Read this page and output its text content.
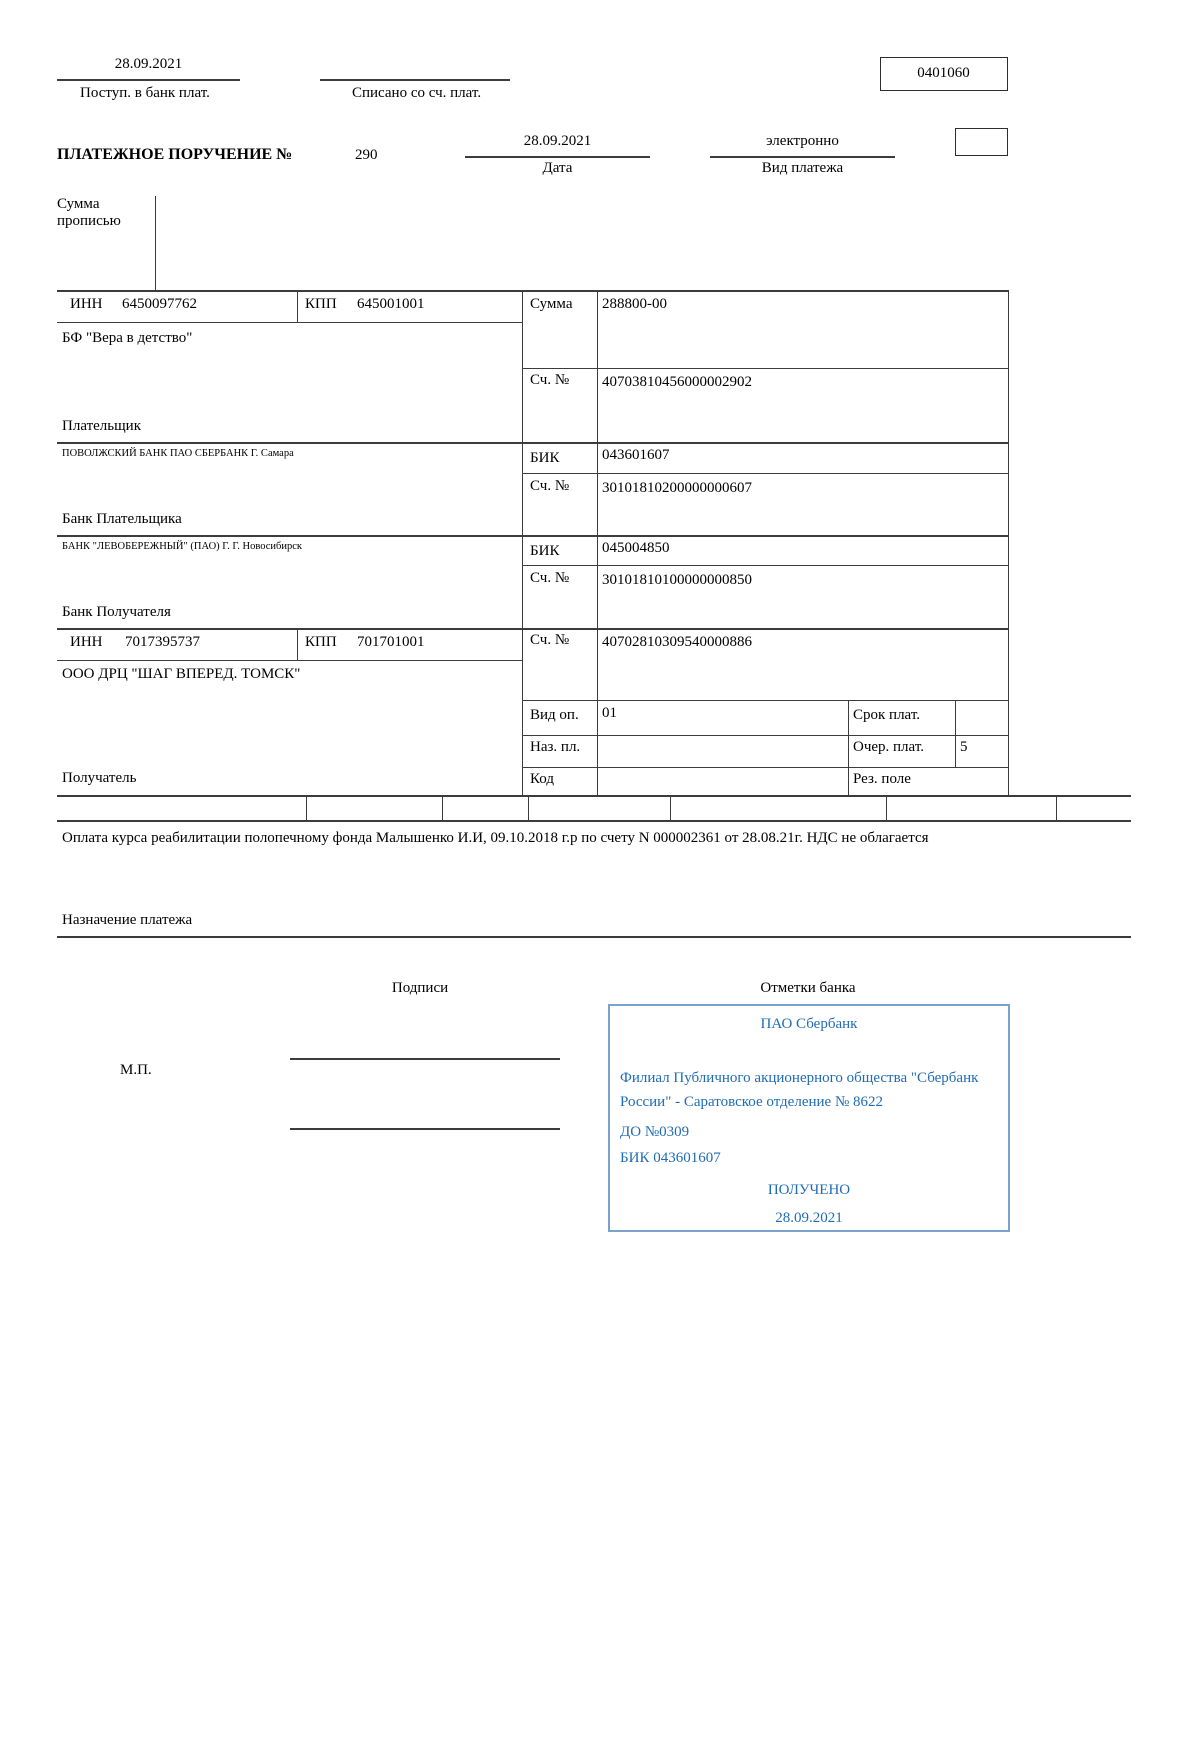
28.09.2021
Поступ. в банк плат.	Списано со сч. плат.
0401060
ПЛАТЕЖНОЕ ПОРУЧЕНИЕ №	290
28.09.2021
Дата
электронно
Вид платежа
Сумма прописью
ИНН 6450097762	КПП 645001001	Сумма 288800-00
БФ "Вера в детство"
Сч. № 40703810456000002902
Плательщик
ПОВОЛЖСКИЙ БАНК ПАО СБЕРБАНК Г. Самара	БИК	043601607
Сч. № 30101810200000000607
Банк Плательщика
БАНК "ЛЕВОБЕРЕЖНЫЙ" (ПАО) Г. Г. Новосибирск	БИК	045004850
Сч. № 30101810100000000850
Банк Получателя
ИНН 7017395737	КПП 701701001	Сч. № 40702810309540000886
ООО ДРЦ "ШАГ ВПЕРЕД. ТОМСК"
Получатель
Вид оп. 01	Срок плат.
Наз. пл.	Очер. плат. 5
Код	Рез. поле
Оплата курса реабилитации полопечному фонда Малышенко И.И, 09.10.2018 г.р по счету N 000002361 от 28.08.21г. НДС не облагается
Назначение платежа
Подписи	Отметки банка
М.П.
ПАО Сбербанк
Филиал Публичного акционерного общества "Сбербанк России" - Саратовское отделение № 8622
ДО №0309
БИК 043601607
ПОЛУЧЕНО
28.09.2021
